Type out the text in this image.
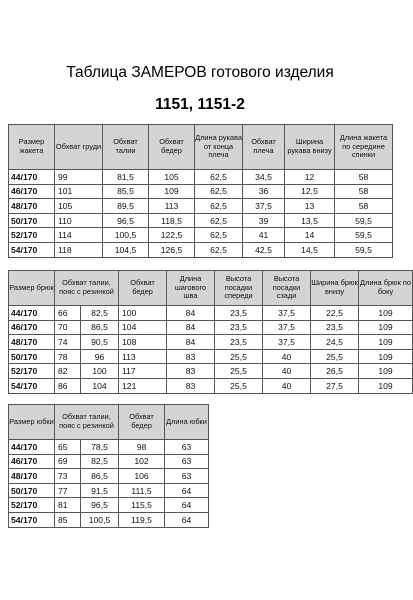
Таблица ЗАМЕРОВ готового изделия
1151, 1151-2
Размер жакета	Обхват груди	Обхват талии	Обхват бедер	Длина рукава от конца плеча	Обхват плеча	Ширина рукава внизу	Длина жакета по середине спинки
44/170	99	81,5	105	62,5	34,5	12	58
46/170	101	85,5	109	62,5	36	12,5	58
48/170	105	89,5	113	62,5	37,5	13	58
50/170	110	96,5	118,5	62,5	39	13,5	59,5
52/170	114	100,5	122,5	62,5	41	14	59,5
54/170	118	104,5	126,5	62,5	42,5	14,5	59,5
Размер брюк	Обхват талии, пояс с резинкой		Обхват бедер	Длина шагового шва	Высота посадки спереди	Высота посадки сзади	Ширина брюк внизу	Длина брюк по боку
44/170	66	82,5	100	84	23,5	37,5	22,5	109
46/170	70	86,5	104	84	23,5	37,5	23,5	109
48/170	74	90,5	108	84	23,5	37,5	24,5	109
50/170	78	96	113	83	25,5	40	25,5	109
52/170	82	100	117	83	25,5	40	26,5	109
54/170	86	104	121	83	25,5	40	27,5	109
Размер юбки	Обхват талии, пояс с резинкой		Обхват бедер	Длина юбки
44/170	65	78,5	98	63
46/170	69	82,5	102	63
48/170	73	86,5	106	63
50/170	77	91,5	111,5	64
52/170	81	96,5	115,5	64
54/170	85	100,5	119,5	64
